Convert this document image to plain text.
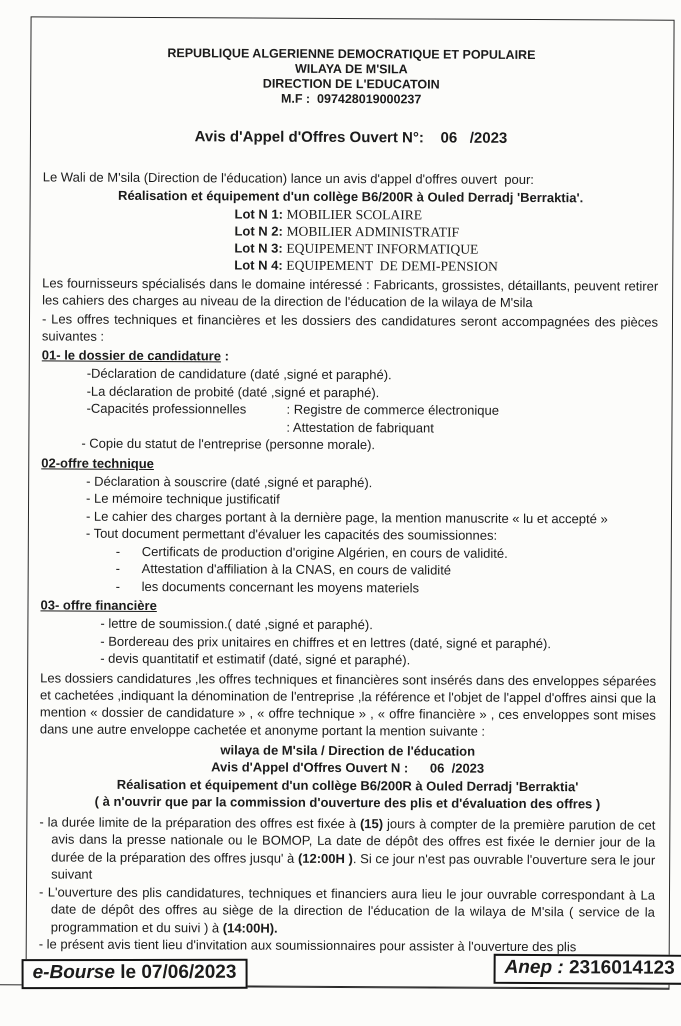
REPUBLIQUE ALGERIENNE DEMOCRATIQUE ET POPULAIRE
WILAYA DE M'SILA
DIRECTION DE L'EDUCATOIN
M.F :  097428019000237
Avis d'Appel d'Offres Ouvert N°:    06   /2023
Le Wali de M'sila (Direction de l'éducation) lance un avis d'appel d'offres ouvert  pour:
Réalisation et équipement d'un collège B6/200R à Ouled Derradj 'Berraktia'.
Lot N 1: MOBILIER SCOLAIRE
Lot N 2: MOBILIER ADMINISTRATIF
Lot N 3: EQUIPEMENT INFORMATIQUE
Lot N 4: EQUIPEMENT  DE DEMI-PENSION
Les fournisseurs spécialisés dans le domaine intéressé : Fabricants, grossistes, détaillants, peuvent retirer les cahiers des charges au niveau de la direction de l'éducation de la wilaya de M'sila
- Les offres techniques et financières et les dossiers des candidatures seront accompagnées des pièces suivantes :
01- le dossier de candidature :
-Déclaration de candidature (daté ,signé et paraphé).
-La déclaration de probité (daté ,signé et paraphé).
-Capacités professionnelles	: Registre de commerce électronique
: Attestation de fabriquant
- Copie du statut de l'entreprise (personne morale).
02-offre technique
- Déclaration à souscrire (daté ,signé et paraphé).
- Le mémoire technique justificatif
- Le cahier des charges portant à la dernière page, la mention manuscrite « lu et accepté »
- Tout document permettant d'évaluer les capacités des soumissionnes:
-	Certificats de production d'origine Algérien, en cours de validité.
-	Attestation d'affiliation à la CNAS, en cours de validité
-	les documents concernant les moyens materiels
03- offre financière
- lettre de soumission.( daté ,signé et paraphé).
- Bordereau des prix unitaires en chiffres et en lettres (daté, signé et paraphé).
- devis quantitatif et estimatif (daté, signé et paraphé).
Les dossiers candidatures ,les offres techniques et financières sont insérés dans des enveloppes séparées et cachetées ,indiquant la dénomination de l'entreprise ,la référence et l'objet de l'appel d'offres ainsi que la mention « dossier de candidature » , « offre technique » , « offre financière » , ces enveloppes sont mises dans une autre enveloppe cachetée et anonyme portant la mention suivante :
wilaya de M'sila / Direction de l'éducation
Avis d'Appel d'Offres Ouvert N :      06  /2023
Réalisation et équipement d'un collège B6/200R à Ouled Derradj 'Berraktia'
( à n'ouvrir que par la commission d'ouverture des plis et d'évaluation des offres )

- la durée limite de la préparation des offres est fixée à (15) jours à compter de la première parution de cet avis dans la presse nationale ou le BOMOP, La date de dépôt des offres est fixée le dernier jour de la durée de la préparation des offres jusqu' à (12:00H ). Si ce jour n'est pas ouvrable l'ouverture sera le jour suivant

- L'ouverture des plis candidatures, techniques et financiers aura lieu le jour ouvrable correspondant à La date de dépôt des offres au siège de la direction de l'éducation de la wilaya de M'sila ( service de la programmation et du suivi ) à (14:00H).

- le présent avis tient lieu d'invitation aux soumissionnaires pour assister à l'ouverture des plis

e-Bourse le 07/06/2023	Anep : 2316014123
